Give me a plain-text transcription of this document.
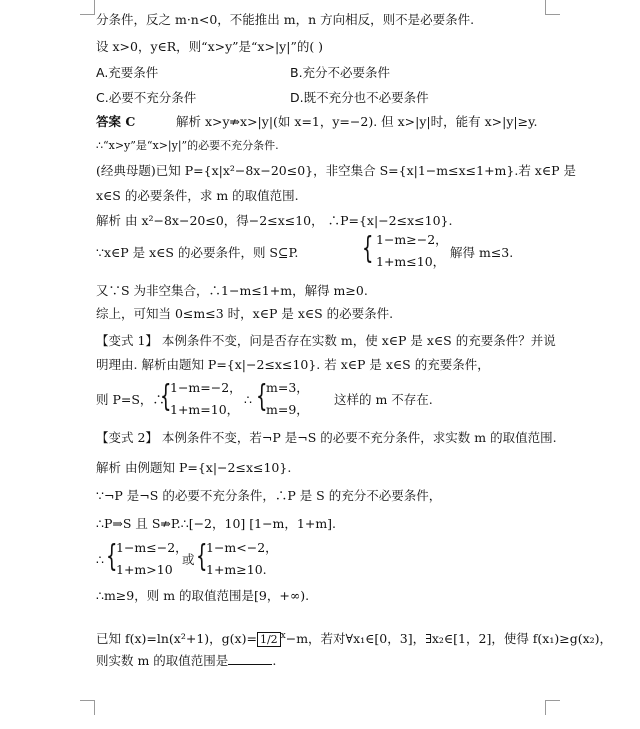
分条件，反之 m·n<0，不能推出 m，n 方向相反，则不是必要条件.
设 x>0，y∈R，则“x>y”是“x>|y|”的( )
A.充要条件	B.充分不必要条件
C.必要不充分条件	D.既不充分也不必要条件
答案 C	解析 x>y⇏x>|y|(如 x=1，y=−2). 但 x>|y|时，能有 x>|y|≥y.
∴“x>y”是“x>|y|”的必要不充分条件.
(经典母题)已知 P={x|x²−8x−20≤0}，非空集合 S={x|1−m≤x≤1+m}.若 x∈P 是
x∈S 的必要条件，求 m 的取值范围.
解析 由 x²−8x−20≤0，得−2≤x≤10， ∴P={x|−2≤x≤10}.
∵x∈P 是 x∈S 的必要条件，则 S⊆P. { 1−m≥−2，
1+m≤10，
解得 m≤3.
又∵S 为非空集合，∴1−m≤1+m，解得 m≥0.
综上，可知当 0≤m≤3 时，x∈P 是 x∈S 的必要条件.
【变式 1】 本例条件不变，问是否存在实数 m，使 x∈P 是 x∈S 的充要条件？并说
明理由. 解析由题知 P={x|−2≤x≤10}. 若 x∈P 是 x∈S 的充要条件，
则 P=S，∴
{
1−m=−2，
1+m=10，
∴ {
m=3，
m=9，
这样的 m 不存在.
【变式 2】 本例条件不变，若¬P 是¬S 的必要不充分条件，求实数 m 的取值范围.
解析 由例题知 P={x|−2≤x≤10}.
∵¬P 是¬S 的必要不充分条件，∴P 是 S 的充分不必要条件，
∴P⇒S 且 S⇏P.∴[−2，10] [1−m，1+m].
∴ {
1−m≤−2，
1+m>10
或 {
1−m<−2，
1+m≥10.
∴m≥9，则 m 的取值范围是[9，+∞).
已知 f(x)=ln(x²+1)，g(x)= 1/2 $^x$−m，若对∀x₁∈[0，3]，∃x₂∈[1，2]，使得 f(x₁)≥g(x₂)，
则实数 m 的取值范围是	.
